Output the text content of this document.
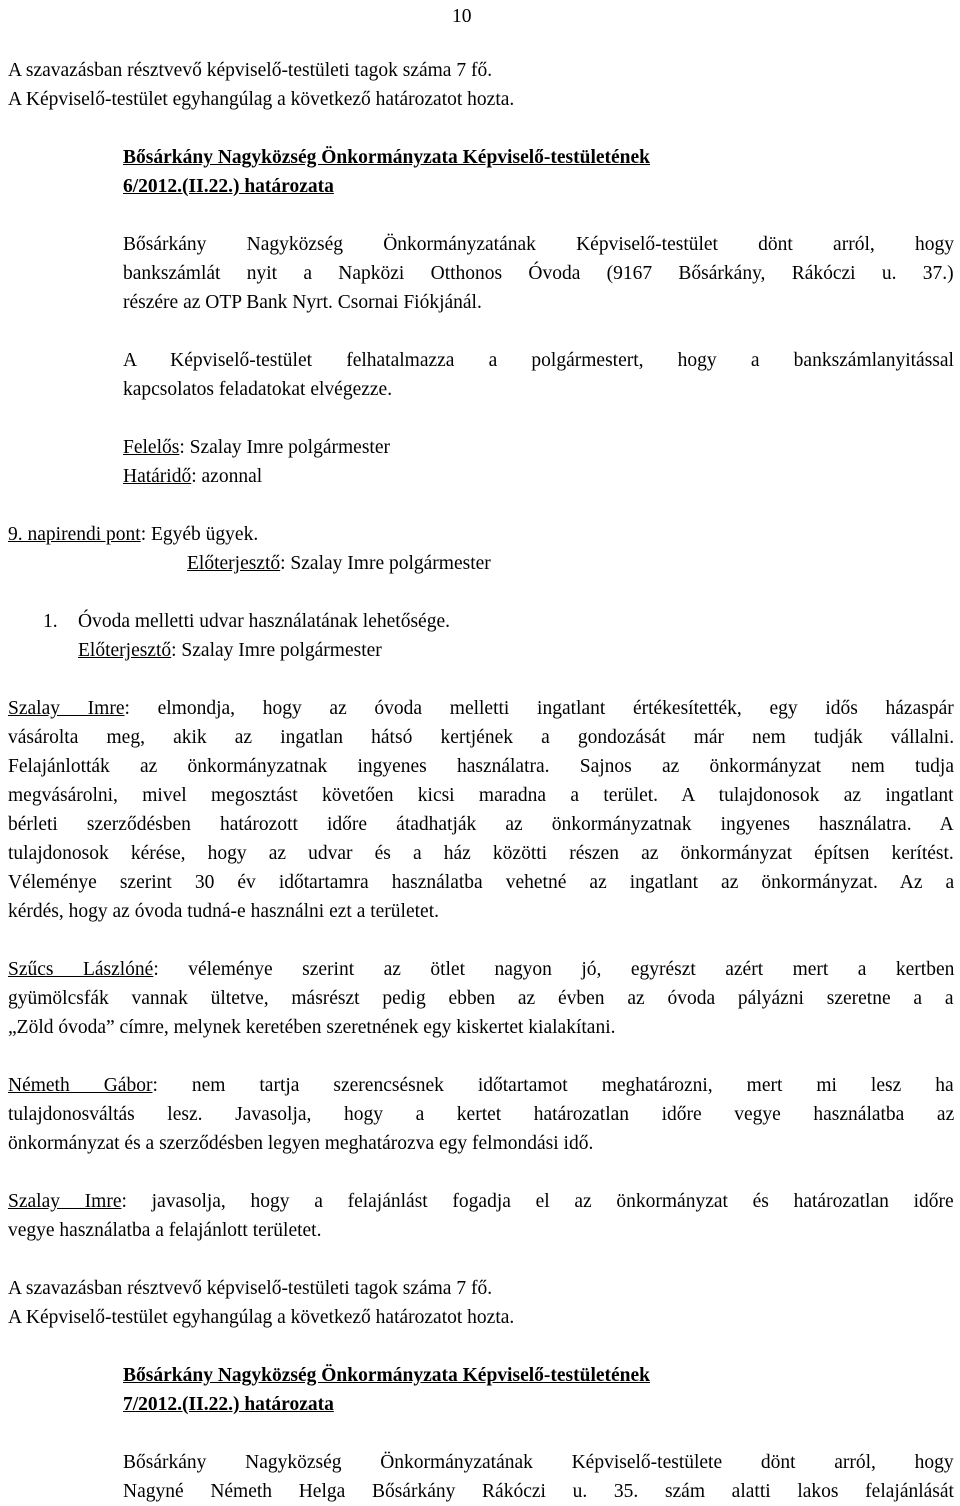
10
A szavazásban résztvevő képviselő-testületi tagok száma 7 fő.
A Képviselő-testület egyhangúlag a következő határozatot hozta.
Bősárkány Nagyközség Önkormányzata Képviselő-testületének
6/2012.(II.22.) határozata
Bősárkány Nagyközség Önkormányzatának Képviselő-testület dönt arról, hogy
bankszámlát nyit a Napközi Otthonos Óvoda (9167 Bősárkány, Rákóczi u. 37.)
részére az OTP Bank Nyrt. Csornai Fiókjánál.
A Képviselő-testület felhatalmazza a polgármestert, hogy a bankszámlanyitással
kapcsolatos feladatokat elvégezze.
Felelős: Szalay Imre polgármester
Határidő: azonnal
9. napirendi pont: Egyéb ügyek.
Előterjesztő: Szalay Imre polgármester
1. Óvoda melletti udvar használatának lehetősége.
Előterjesztő: Szalay Imre polgármester
Szalay Imre: elmondja, hogy az óvoda melletti ingatlant értékesítették, egy idős házaspár
vásárolta meg, akik az ingatlan hátsó kertjének a gondozását már nem tudják vállalni.
Felajánlották az önkormányzatnak ingyenes használatra. Sajnos az önkormányzat nem tudja
megvásárolni, mivel megosztást követően kicsi maradna a terület. A tulajdonosok az ingatlant
bérleti szerződésben határozott időre átadhatják az önkormányzatnak ingyenes használatra. A
tulajdonosok kérése, hogy az udvar és a ház közötti részen az önkormányzat építsen kerítést.
Véleménye szerint 30 év időtartamra használatba vehetné az ingatlant az önkormányzat. Az a
kérdés, hogy az óvoda tudná-e használni ezt a területet.
Szűcs Lászlóné: véleménye szerint az ötlet nagyon jó, egyrészt azért mert a kertben
gyümölcsfák vannak ültetve, másrészt pedig ebben az évben az óvoda pályázni szeretne a a
„Zöld óvoda” címre, melynek keretében szeretnének egy kiskertet kialakítani.
Németh Gábor: nem tartja szerencsésnek időtartamot meghatározni, mert mi lesz ha
tulajdonosváltás lesz. Javasolja, hogy a kertet határozatlan időre vegye használatba az
önkormányzat és a szerződésben legyen meghatározva egy felmondási idő.
Szalay Imre: javasolja, hogy a felajánlást fogadja el az önkormányzat és határozatlan időre
vegye használatba a felajánlott területet.
A szavazásban résztvevő képviselő-testületi tagok száma 7 fő.
A Képviselő-testület egyhangúlag a következő határozatot hozta.
Bősárkány Nagyközség Önkormányzata Képviselő-testületének
7/2012.(II.22.) határozata
Bősárkány Nagyközség Önkormányzatának Képviselő-testülete dönt arról, hogy
Nagyné Németh Helga Bősárkány Rákóczi u. 35. szám alatti lakos felajánlását
